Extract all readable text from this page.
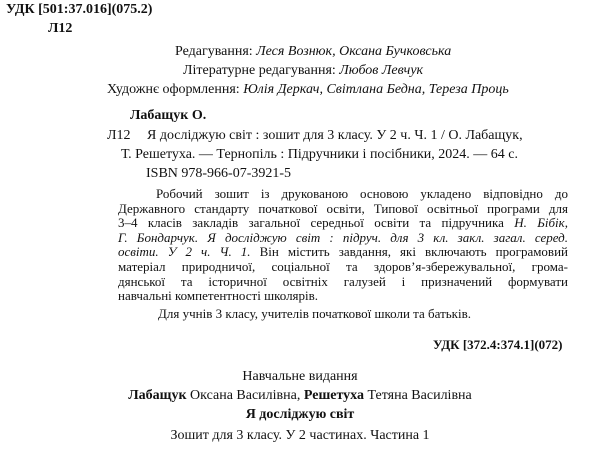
УДК [501:37.016](075.2)
Л12
Редагування: Леся Вознюк, Оксана Бучковська
Літературне редагування: Любов Левчук
Художнє оформлення: Юлія Деркач, Світлана Бедна, Тереза Проць
Лабащук О.
Л12 Я досліджую світ : зошит для 3 класу. У 2 ч. Ч. 1 / О. Лабащук,
Т. Решетуха. — Тернопіль : Підручники і посібники, 2024. — 64 с.
ISBN 978-966-07-3921-5
Робочий зошит із друкованою основою укладено відповідно до
Державного стандарту початкової освіти, Типової освітньої програми для
3–4 класів закладів загальної середньої освіти та підручника Н. Бібік,
Г. Бондарчук. Я досліджую світ : підруч. для 3 кл. закл. загал. серед.
освіти. У 2 ч. Ч. 1. Він містить завдання, які включають програмовий
матеріал природничої, соціальної та здоров’я-збережувальної, грома-
дянської та історичної освітніх галузей і призначений формувати
навчальні компетентності школярів.
Для учнів 3 класу, учителів початкової школи та батьків.
УДК [372.4:374.1](072)
Навчальне видання
Лабащук Оксана Василівна, Решетуха Тетяна Василівна
Я досліджую світ
Зошит для 3 класу. У 2 частинах. Частина 1
